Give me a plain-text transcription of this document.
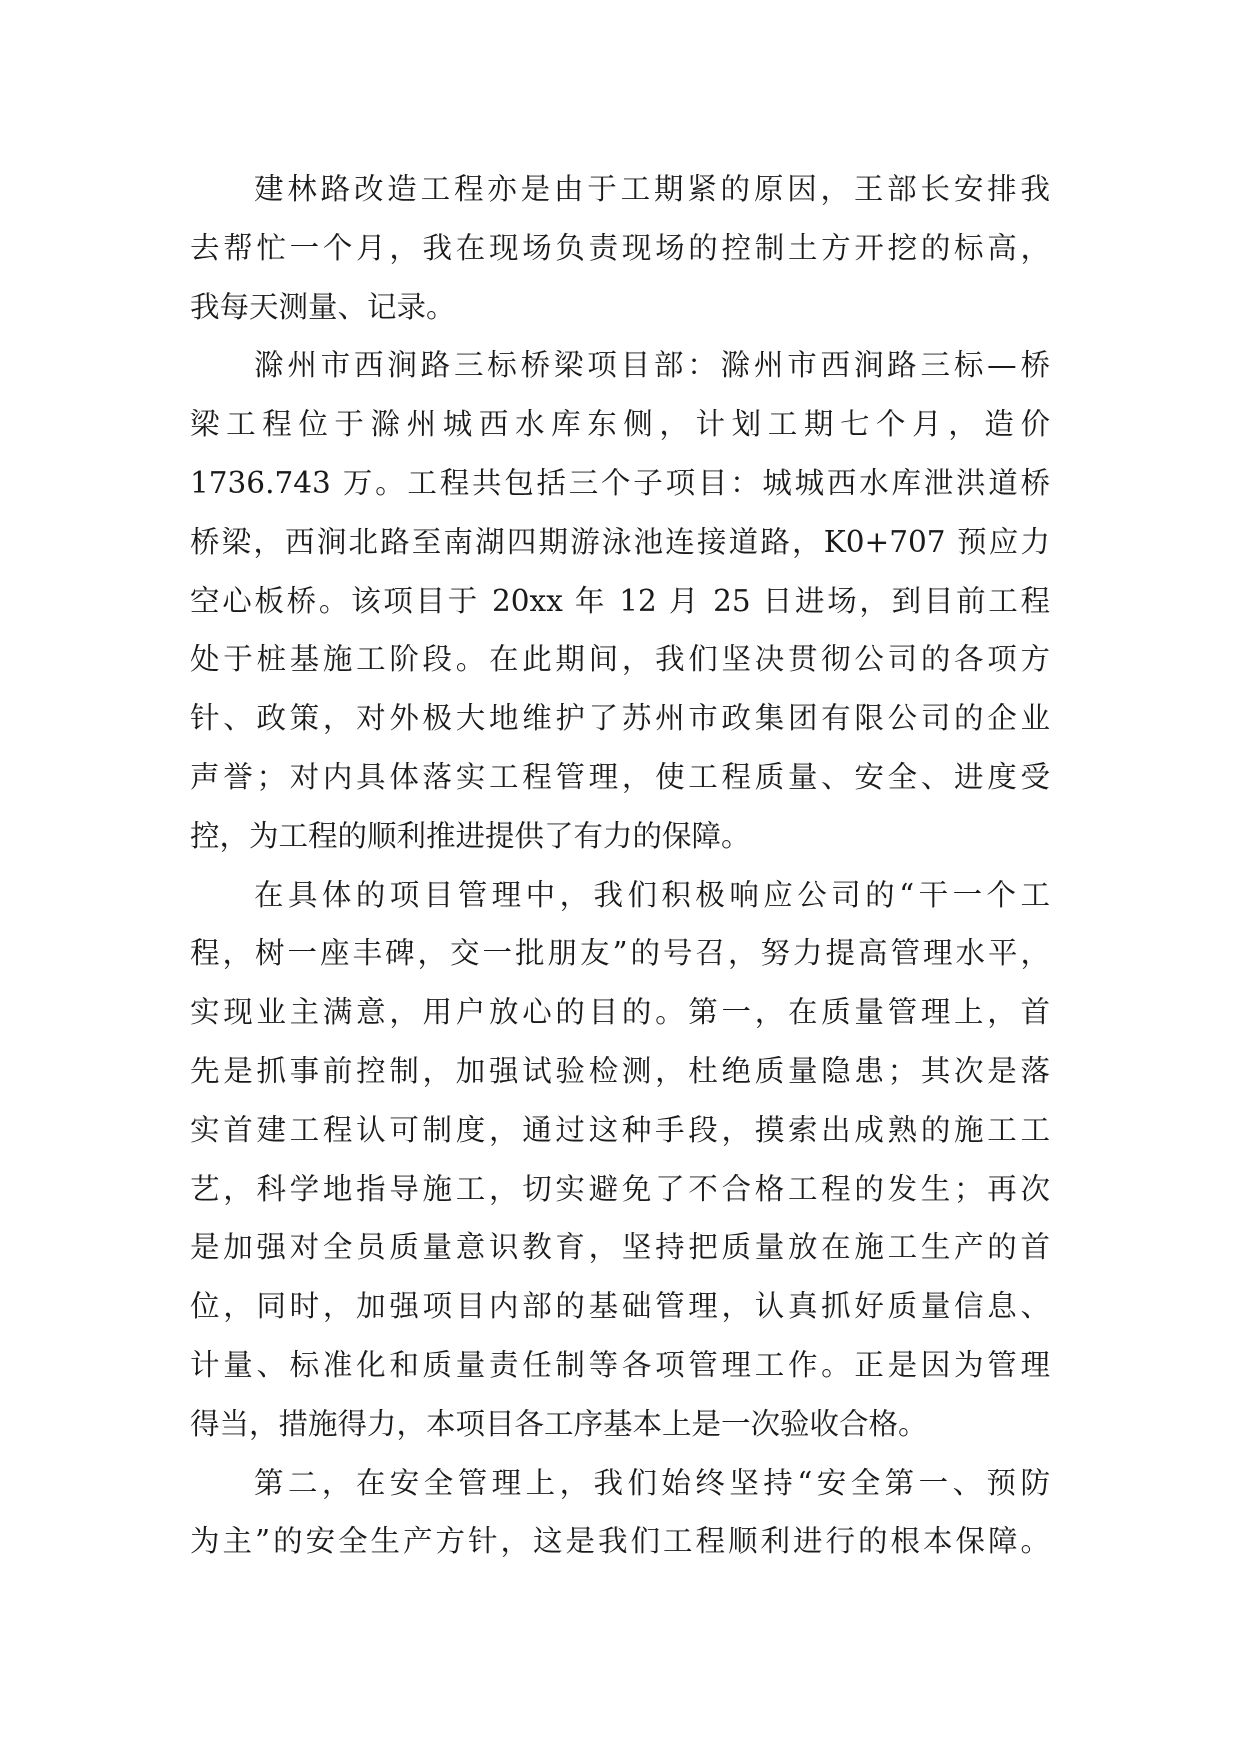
建林路改造工程亦是由于工期紧的原因，王部长安排我
去帮忙一个月，我在现场负责现场的控制土方开挖的标高，
我每天测量、记录。
滁州市西涧路三标桥梁项目部：滁州市西涧路三标—桥
梁工程位于滁州城西水库东侧，计划工期七个月，造价
1736.743 万。工程共包括三个子项目：城城西水库泄洪道桥
桥梁，西涧北路至南湖四期游泳池连接道路，K0+707 预应力
空心板桥。该项目于 20xx 年 12 月 25 日进场，到目前工程
处于桩基施工阶段。在此期间，我们坚决贯彻公司的各项方
针、政策，对外极大地维护了苏州市政集团有限公司的企业
声誉；对内具体落实工程管理，使工程质量、安全、进度受
控，为工程的顺利推进提供了有力的保障。
在具体的项目管理中，我们积极响应公司的“干一个工
程，树一座丰碑，交一批朋友”的号召，努力提高管理水平，
实现业主满意，用户放心的目的。第一，在质量管理上，首
先是抓事前控制，加强试验检测，杜绝质量隐患；其次是落
实首建工程认可制度，通过这种手段，摸索出成熟的施工工
艺，科学地指导施工，切实避免了不合格工程的发生；再次
是加强对全员质量意识教育，坚持把质量放在施工生产的首
位，同时，加强项目内部的基础管理，认真抓好质量信息、
计量、标准化和质量责任制等各项管理工作。正是因为管理
得当，措施得力，本项目各工序基本上是一次验收合格。
第二，在安全管理上，我们始终坚持“安全第一、预防
为主”的安全生产方针，这是我们工程顺利进行的根本保障。
